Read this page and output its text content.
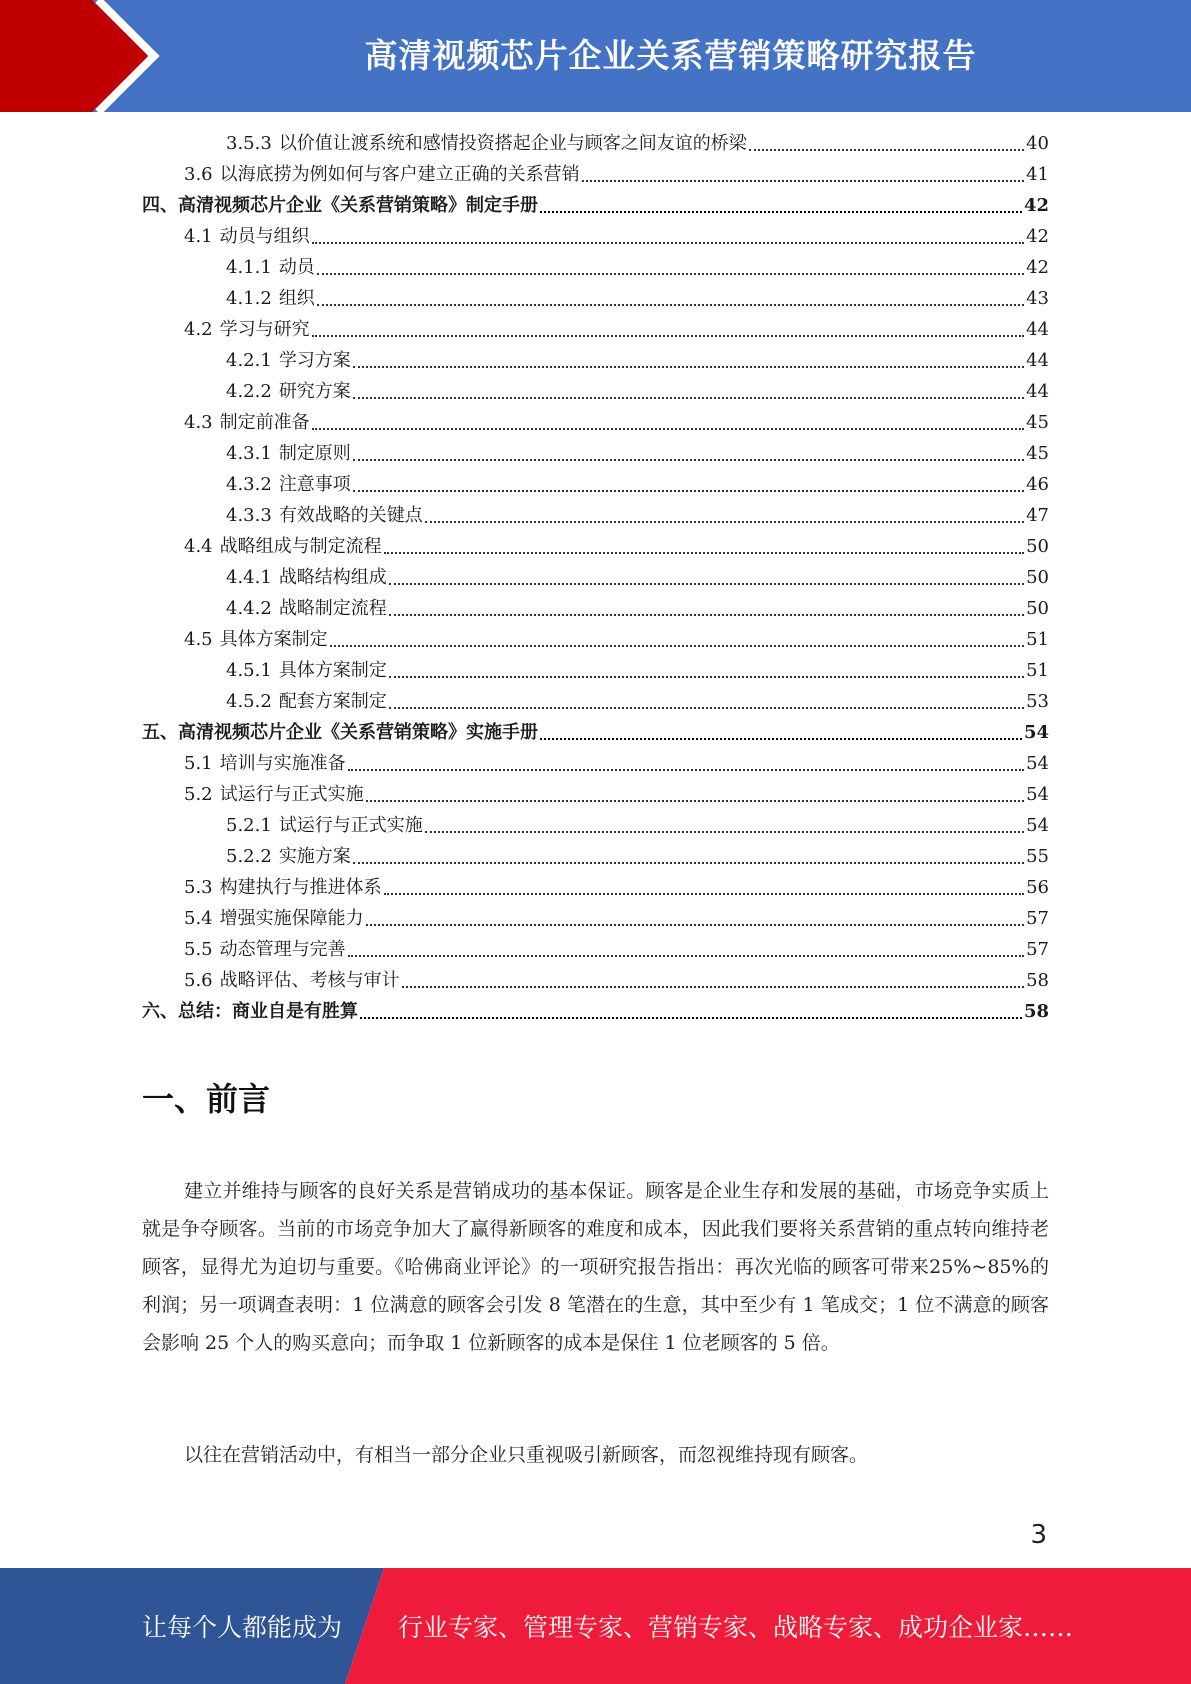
高清视频芯片企业关系营销策略研究报告
3.5.3 以价值让渡系统和感情投资搭起企业与顾客之间友谊的桥梁	40
3.6 以海底捞为例如何与客户建立正确的关系营销	41
四、高清视频芯片企业《关系营销策略》制定手册	42
4.1 动员与组织	42
4.1.1 动员	42
4.1.2 组织	43
4.2 学习与研究	44
4.2.1 学习方案	44
4.2.2 研究方案	44
4.3 制定前准备	45
4.3.1 制定原则	45
4.3.2 注意事项	46
4.3.3 有效战略的关键点	47
4.4 战略组成与制定流程	50
4.4.1 战略结构组成	50
4.4.2 战略制定流程	50
4.5 具体方案制定	51
4.5.1 具体方案制定	51
4.5.2 配套方案制定	53
五、高清视频芯片企业《关系营销策略》实施手册	54
5.1 培训与实施准备	54
5.2 试运行与正式实施	54
5.2.1 试运行与正式实施	54
5.2.2 实施方案	55
5.3 构建执行与推进体系	56
5.4 增强实施保障能力	57
5.5 动态管理与完善	57
5.6 战略评估、考核与审计	58
六、总结：商业自是有胜算	58
一、前言
建立并维持与顾客的良好关系是营销成功的基本保证。顾客是企业生存和发展的基础，市场竞争实质上就是争夺顾客。当前的市场竞争加大了赢得新顾客的难度和成本，因此我们要将关系营销的重点转向维持老顾客，显得尤为迫切与重要。《哈佛商业评论》的一项研究报告指出：再次光临的顾客可带来25%~85%的利润；另一项调查表明：1 位满意的顾客会引发 8 笔潜在的生意，其中至少有 1 笔成交；1 位不满意的顾客会影响 25 个人的购买意向；而争取 1 位新顾客的成本是保住 1 位老顾客的 5 倍。
以往在营销活动中，有相当一部分企业只重视吸引新顾客，而忽视维持现有顾客。
3
让每个人都能成为 行业专家、管理专家、营销专家、战略专家、成功企业家……
